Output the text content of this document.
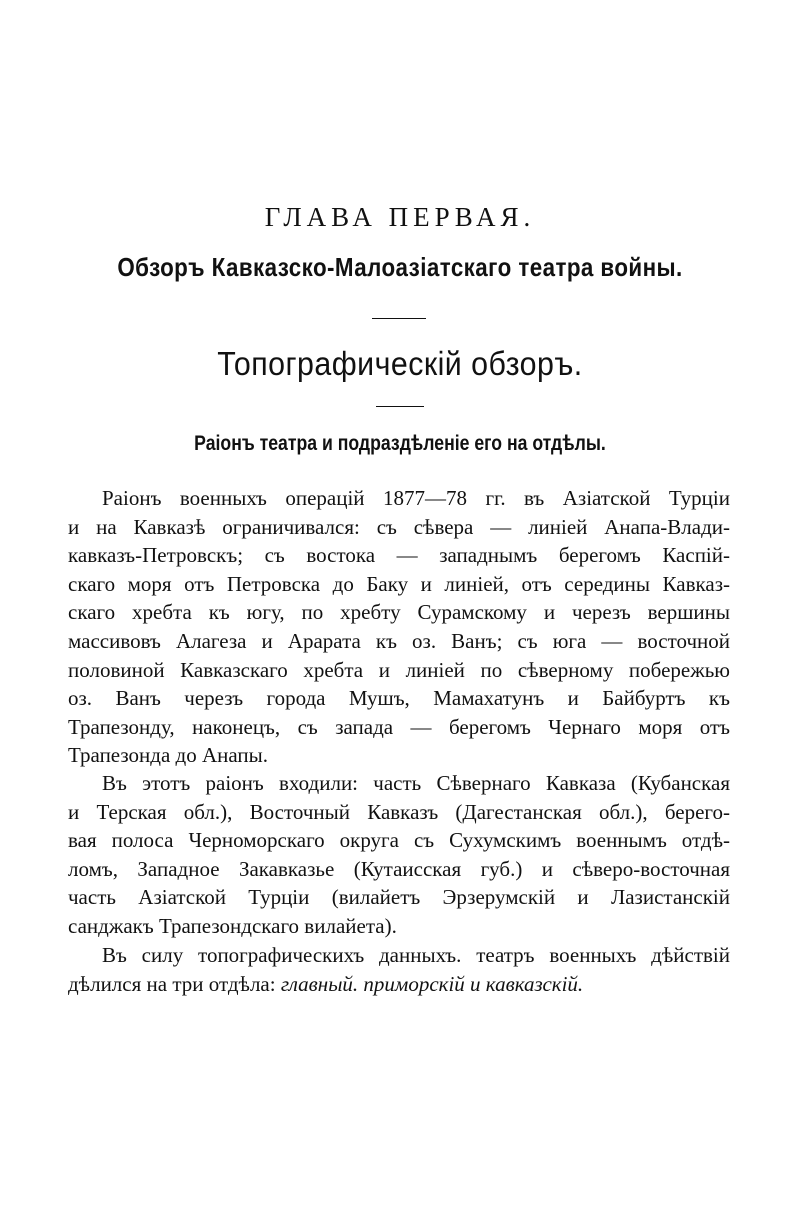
ГЛАВА ПЕРВАЯ.
Обзоръ Кавказско-Малоазіатскаго театра войны.
Топографическій обзоръ.
Раіонъ театра и подраздѣленіе его на отдѣлы.
Раіонъ военныхъ операцій 1877—78 гг. въ Азіатской Турціи
и на Кавказѣ ограничивался: съ сѣвера — линіей Анапа-Влади-
кавказъ-Петровскъ; съ востока — западнымъ берегомъ Каспій-
скаго моря отъ Петровска до Баку и линіей, отъ середины Кавказ-
скаго хребта къ югу, по хребту Сурамскому и черезъ вершины
массивовъ Алагеза и Арарата къ оз. Ванъ; съ юга — восточной
половиной Кавказскаго хребта и линіей по сѣверному побережью
оз. Ванъ черезъ города Мушъ, Мамахатунъ и Байбуртъ къ
Трапезонду, наконецъ, съ запада — берегомъ Чернаго моря отъ
Трапезонда до Анапы.
Въ этотъ раіонъ входили: часть Сѣвернаго Кавказа (Кубанская
и Терская обл.), Восточный Кавказъ (Дагестанская обл.), берего-
вая полоса Черноморскаго округа съ Сухумскимъ военнымъ отдѣ-
ломъ, Западное Закавказье (Кутаисская губ.) и сѣверо-восточная
часть Азіатской Турціи (вилайетъ Эрзерумскій и Лазистанскій
санджакъ Трапезондскаго вилайета).
Въ силу топографическихъ данныхъ. театръ военныхъ дѣйствій
дѣлился на три отдѣла: главный. приморскій и кавказскій.
